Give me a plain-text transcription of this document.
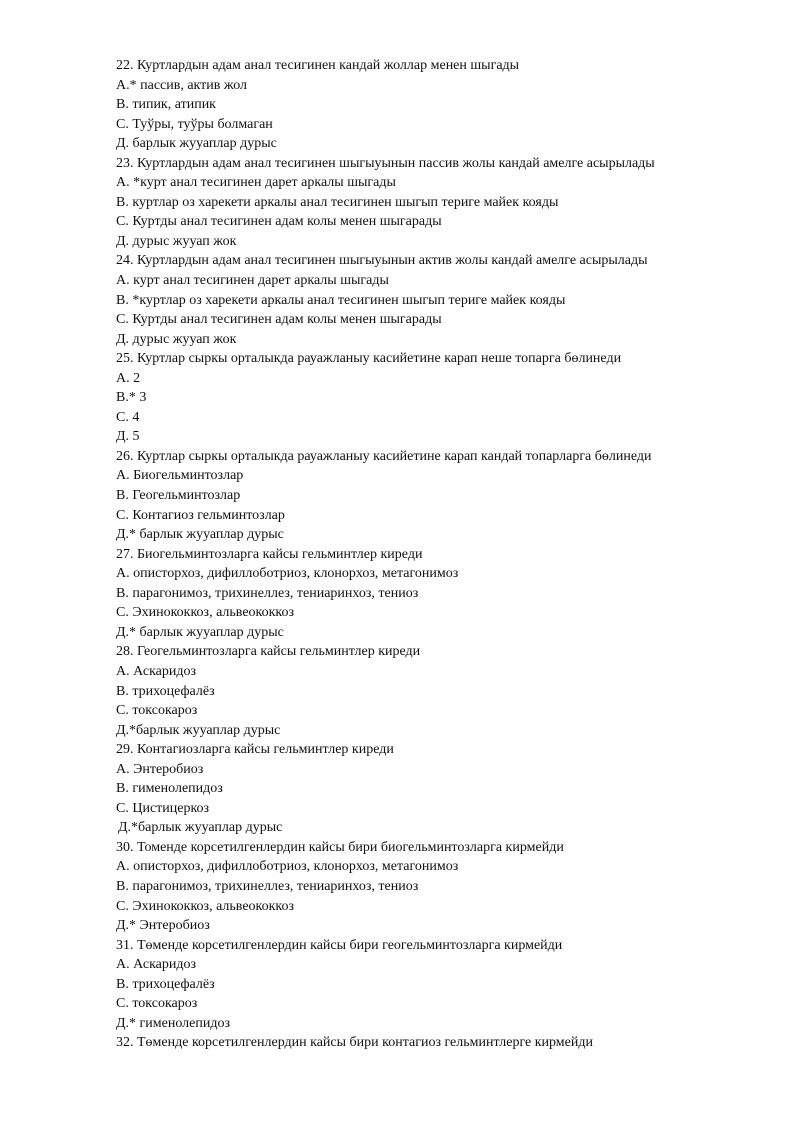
22. Куртлардын адам анал тесигинен кандай жоллар менен шыгады
А.* пассив, актив жол
В. типик, атипик
С. Туўры, туўры болмаган
Д. барлык жууаплар дурыс
23. Куртлардын адам анал тесигинен шыгыуынын пассив жолы кандай амелге асырылады
А. *курт анал тесигинен дарет аркалы шыгады
В. куртлар оз харекети аркалы анал тесигинен шыгып териге майек кояды
С. Куртды анал тесигинен адам колы менен шыгарады
Д. дурыс жууап жок
24. Куртлардын адам анал тесигинен шыгыуынын актив жолы кандай амелге асырылады
А. курт анал тесигинен дарет аркалы шыгады
В. *куртлар оз харекети аркалы анал тесигинен шыгып териге майек кояды
С. Куртды анал тесигинен адам колы менен шыгарады
Д. дурыс жууап жок
25. Куртлар сыркы орталыкда рауажланыу касийетине карап неше топарга бөлинеди
А. 2
В.* 3
С. 4
Д. 5
26. Куртлар сыркы орталыкда рауажланыу касийетине карап кандай топарларга бөлинеди
А. Биогельминтозлар
В. Геогельминтозлар
С. Контагиоз гельминтозлар
Д.* барлык жууаплар дурыс
27. Биогельминтозларга кайсы гельминтлер киреди
А. описторхоз, дифиллоботриоз, клонорхоз, метагонимоз
В. парагонимоз, трихинеллез, тениаринхоз, тениоз
С. Эхинококкоз, альвеококкоз
Д.* барлык жууаплар дурыс
28. Геогельминтозларга кайсы гельминтлер киреди
А. Аскаридоз
В. трихоцефалёз
С. токсокароз
Д.*барлык жууаплар дурыс
29. Контагиозларга кайсы гельминтлер киреди
А. Энтеробиоз
В. гименолепидоз
С. Цистицеркоз
Д.*барлык жууаплар дурыс
30. Томенде корсетилгенлердин кайсы бири биогельминтозларга кирмейди
А. описторхоз, дифиллоботриоз, клонорхоз, метагонимоз
В. парагонимоз, трихинеллез, тениаринхоз, тениоз
С. Эхинококкоз, альвеококкоз
Д.* Энтеробиоз
31. Төменде корсетилгенлердин кайсы бири геогельминтозларга кирмейди
А. Аскаридоз
В. трихоцефалёз
С. токсокароз
Д.* гименолепидоз
32. Төменде корсетилгенлердин кайсы бири контагиоз гельминтлерге кирмейди
